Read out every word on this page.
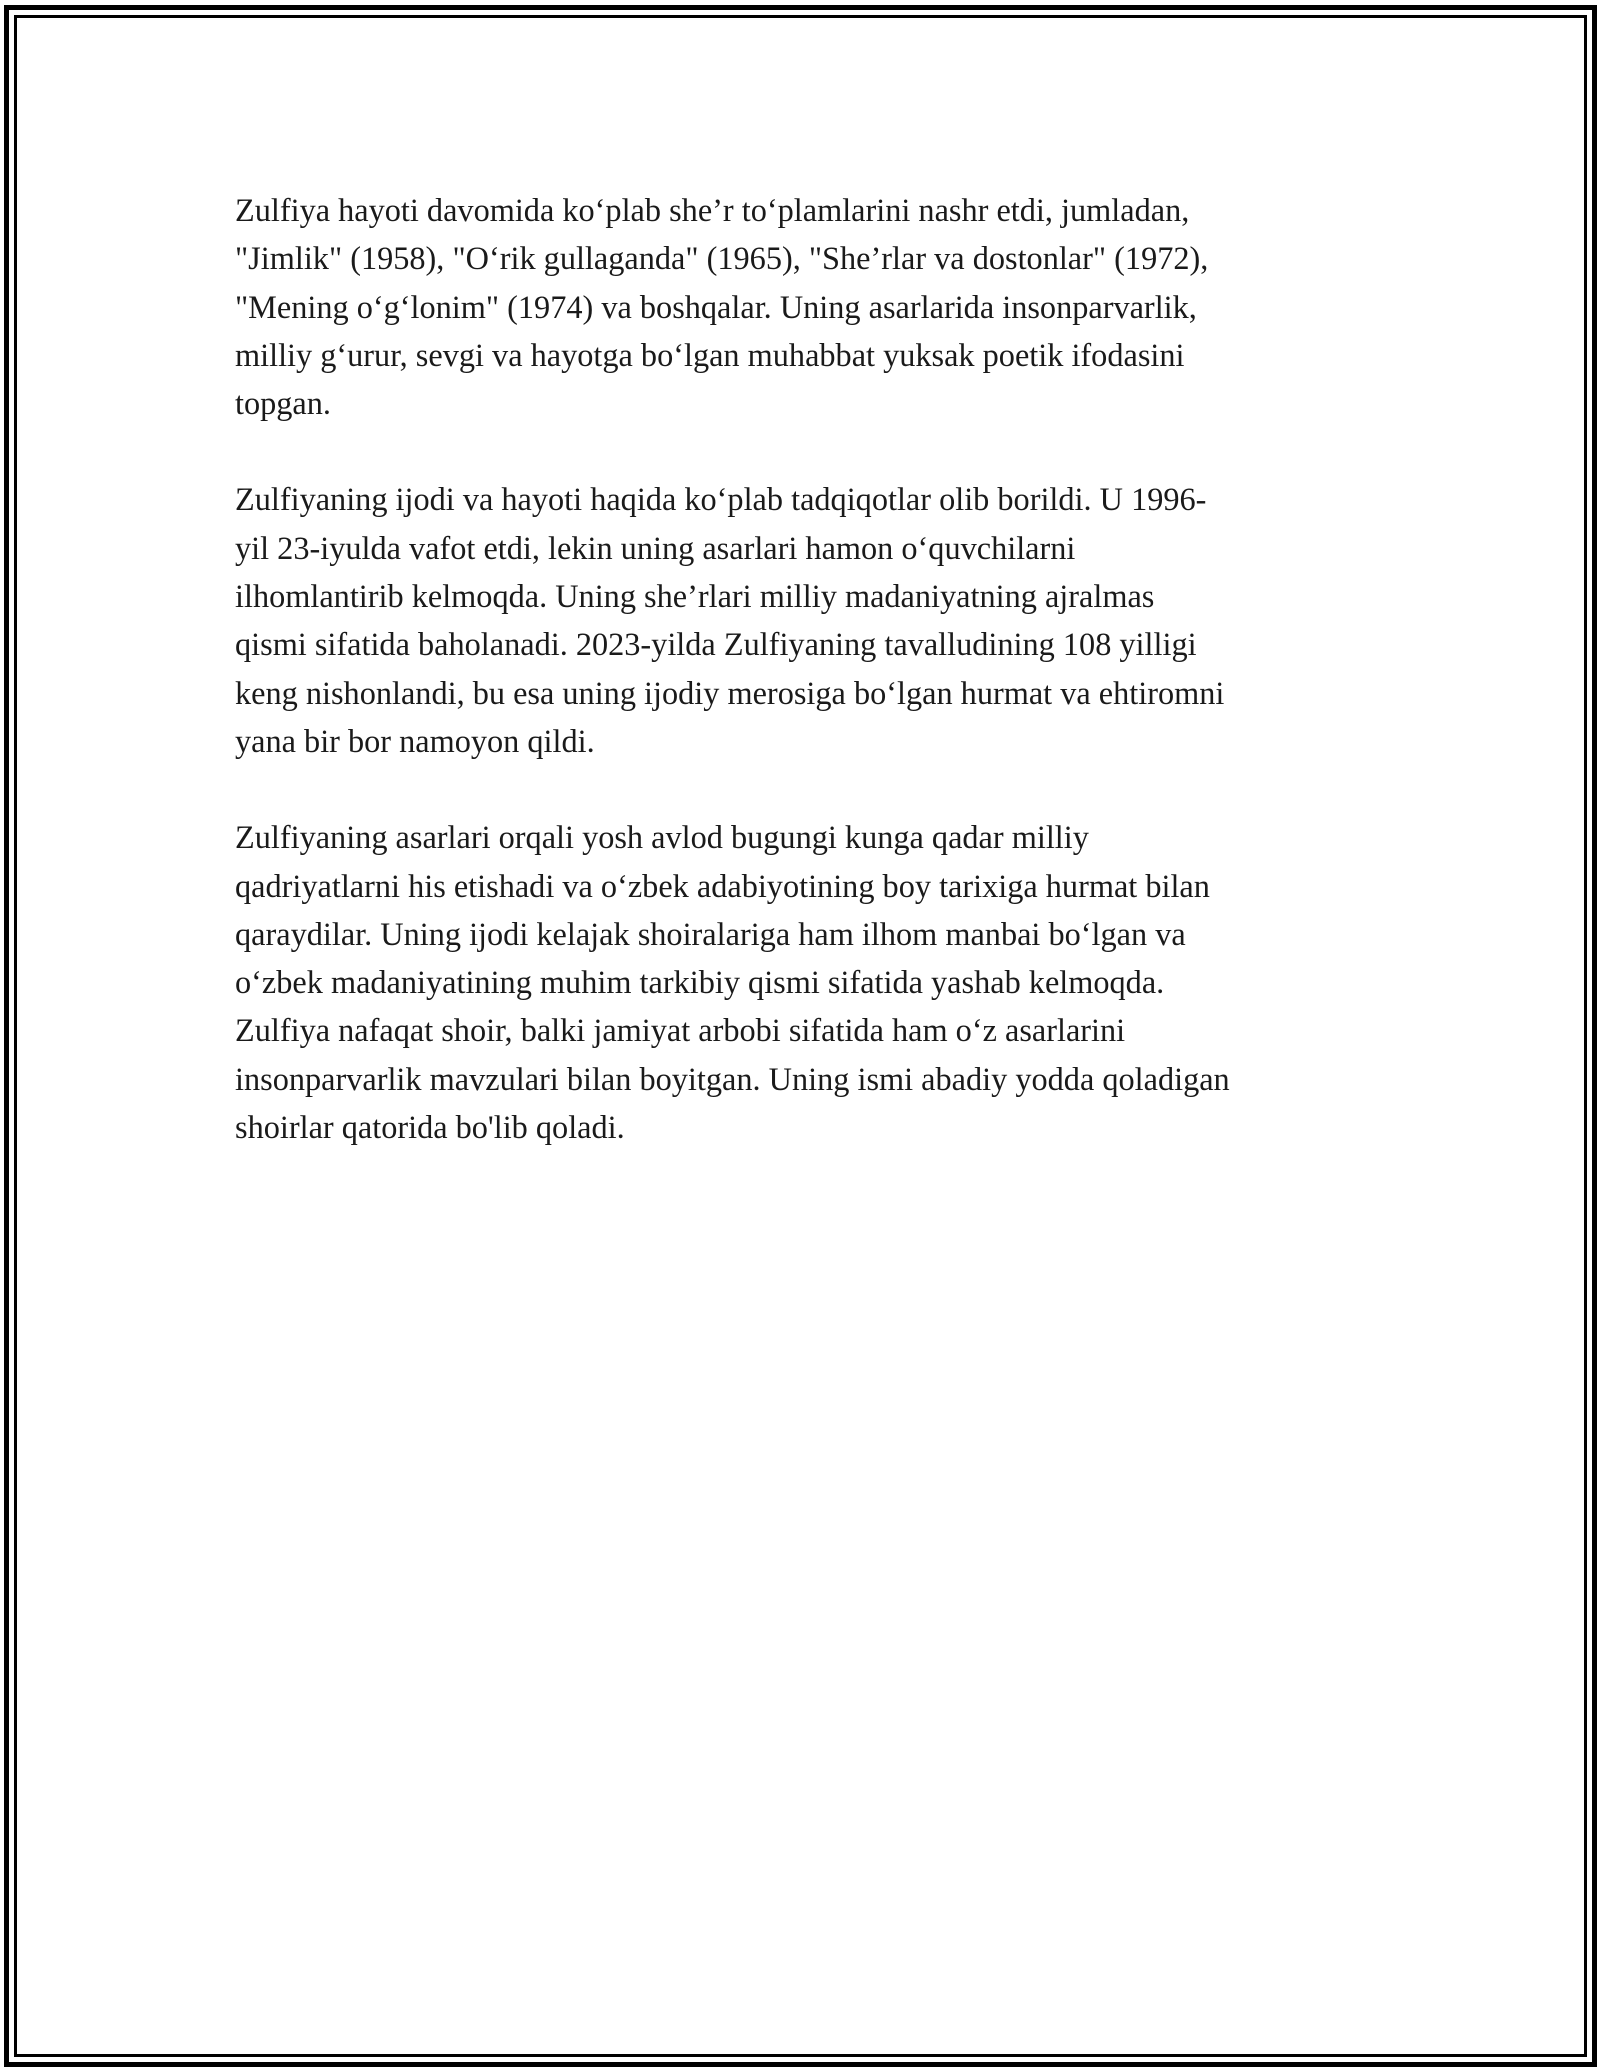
Zulfiya hayoti davomida ko‘plab she’r to‘plamlarini nashr etdi, jumladan,
"Jimlik" (1958), "O‘rik gullaganda" (1965), "She’rlar va dostonlar" (1972),
"Mening o‘g‘lonim" (1974) va boshqalar. Uning asarlarida insonparvarlik,
milliy g‘urur, sevgi va hayotga bo‘lgan muhabbat yuksak poetik ifodasini
topgan.

Zulfiyaning ijodi va hayoti haqida ko‘plab tadqiqotlar olib borildi. U 1996-
yil 23-iyulda vafot etdi, lekin uning asarlari hamon o‘quvchilarni
ilhomlantirib kelmoqda. Uning she’rlari milliy madaniyatning ajralmas
qismi sifatida baholanadi. 2023-yilda Zulfiyaning tavalludining 108 yilligi
keng nishonlandi, bu esa uning ijodiy merosiga bo‘lgan hurmat va ehtiromni
yana bir bor namoyon qildi.

Zulfiyaning asarlari orqali yosh avlod bugungi kunga qadar milliy
qadriyatlarni his etishadi va o‘zbek adabiyotining boy tarixiga hurmat bilan
qaraydilar. Uning ijodi kelajak shoiralariga ham ilhom manbai bo‘lgan va
o‘zbek madaniyatining muhim tarkibiy qismi sifatida yashab kelmoqda.
Zulfiya nafaqat shoir, balki jamiyat arbobi sifatida ham o‘z asarlarini
insonparvarlik mavzulari bilan boyitgan. Uning ismi abadiy yodda qoladigan
shoirlar qatorida bo'lib qoladi.
